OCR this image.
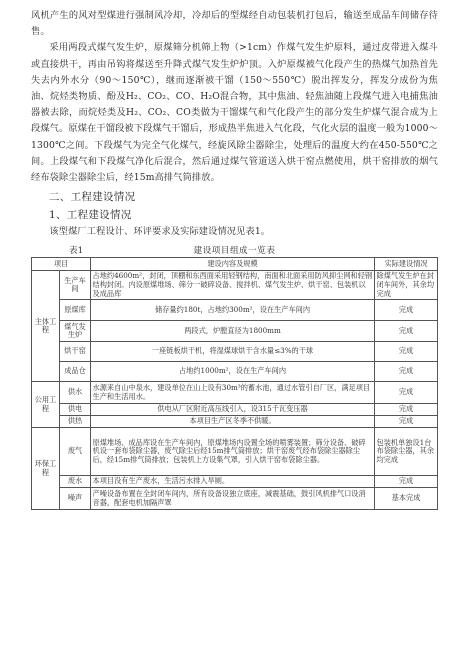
风机产生的风对型煤进行强制风冷却，冷却后的型煤经自动包装机打包后，输送至成品车间储存待售。

采用两段式煤气发生炉，原煤筛分机筛上物（>1cm）作煤气发生炉原料，通过皮带进入煤斗或直接烘干，再由吊钩将煤送至升降式煤气发生炉炉顶。入炉原煤被气化段产生的热煤气加热首先失去内外水分（90～150℃），继而逐渐被干馏（150～550℃）脱出挥发分，挥发分成份为焦油、烷烃类物质、酚及H₂、CO₂、CO、H₂O混合物，其中焦油、轻焦油随上段煤气进入电捕焦油器被去除，而烷烃类及H₂、CO₂、CO类做为干馏煤气和气化段产生的部分发生炉煤气混合成为上段煤气。原煤在干馏段被下段煤气干馏后，形成热半焦进入气化段，气化火层的温度一般为1000～1300℃之间。下段煤气为完全气化煤气，经旋风除尘器除尘，处理后的温度大约在450-550℃之间。上段煤气和下段煤气净化后混合，然后通过煤气管道送入烘干窑点燃使用，烘干窑排放的烟气经布袋除尘器除尘后，经15m高排气筒排放。

二、工程建设情况
1、工程建设情况

该型煤厂工程设计、环评要求及实际建设情况见表1。

表1	建设项目组成一览表
项目		建设内容及规模	实际建设情况
主体工程	生产车间	占地约4600m²，封闭，顶棚和东西面采用轻钢结构，南面和北面采用防风抑尘网和轻钢结构封闭。内设原煤堆场、筛分一破碎设备、搅拌机、煤气发生炉、烘干窑、包装机以及成品库	除煤气发生炉在封闭车间外，其余均完成
	原煤库	储存量约180t，占地约300m²，设在生产车间内	完成
	煤气发生炉	两段式，炉膛直径为1800mm	完成
	烘干窑	一座链板烘干机，将湿煤球烘干含水量≤3%的干球	完成
	成品仓	占地约1000m²，设在生产车间内	完成
公用工程	供水	水源来自山中泉水，建设单位在山上设有30m³的蓄水池，通过水管引自厂区，满足项目生产和生活用水。	完成
	供电	供电从厂区附近高压线引入，设315千瓦变压器	完成
	供热	本项目生产区冬季不供暖。	完成
环保工程	废气	原煤堆场、成品库设在生产车间内，原煤堆场内设置全场的喷雾装置；筛分设备、破碎机设一套布袋除尘器，废气除尘后经15m排气筒排放；烘干窑废气经布袋除尘器除尘后，经15m排气筒排放；包装机上方设集气罩，引入烘干窑布袋除尘器。	包装机单独设1台布袋除尘器，其余均完成
	废水	本项目没有生产废水，生活污水排入旱厕。	完成
	噪声	产噪设备布置在全封闭车间内，所有设备设独立底座，减震基础，鼓引风机排气口设消音器，配套电机加隔声罩	基本完成
